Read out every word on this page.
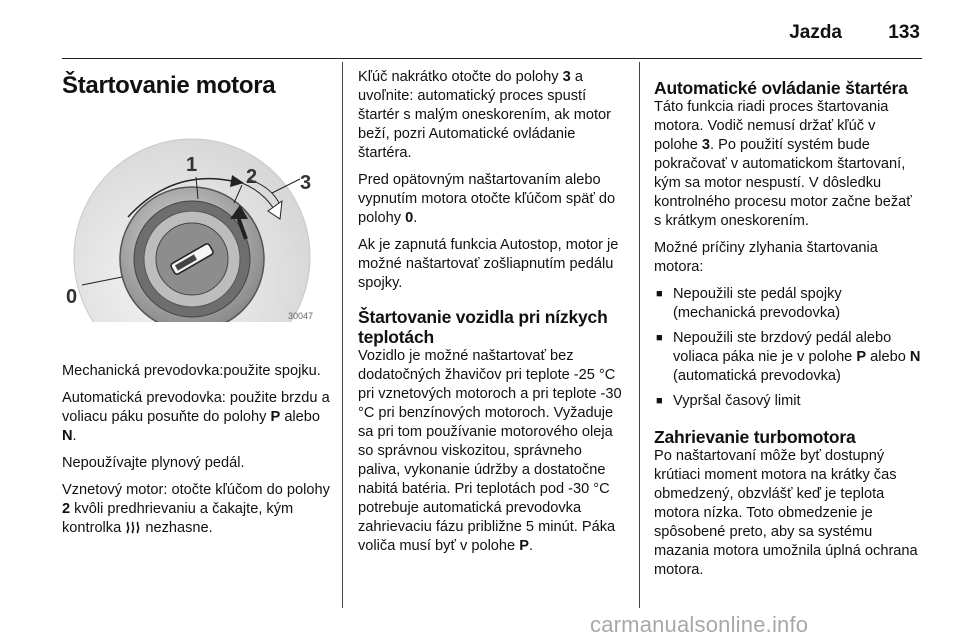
Jazda 133
Štartovanie motora
1
2 3
0
30047

Mechanická prevodovka:použite spojku.

Automatická prevodovka: použite brzdu a voliacu páku posuňte do polohy P alebo N.

Nepoužívajte plynový pedál.

Vznetový motor: otočte kľúčom do polohy 2 kvôli predhrievaniu a čakajte, kým kontrolka  nezhasne.

Kľúč nakrátko otočte do polohy 3 a uvoľnite: automatický proces spustí štartér s malým oneskorením, ak motor beží, pozri Automatické ovládanie štartéra.

Pred opätovným naštartovaním alebo vypnutím motora otočte kľúčom späť do polohy 0.

Ak je zapnutá funkcia Autostop, motor je možné naštartovať zošliapnutím pedálu spojky.

Štartovanie vozidla pri nízkych teplotách

Vozidlo je možné naštartovať bez dodatočných žhavičov pri teplote -25 °C pri vznetových motoroch a pri teplote -30 °C pri benzínových motoroch. Vyžaduje sa pri tom používanie motorového oleja so správnou viskozitou, správneho paliva, vykonanie údržby a dostatočne nabitá batéria. Pri teplotách pod -30 °C potrebuje automatická prevodovka zahrievaciu fázu približne 5 minút. Páka voliča musí byť v polohe P.

Automatické ovládanie štartéra

Táto funkcia riadi proces štartovania motora. Vodič nemusí držať kľúč v polohe 3. Po použití systém bude pokračovať v automatickom štartovaní, kým sa motor nespustí. V dôsledku kontrolného procesu motor začne bežať s krátkym oneskorením.

Možné príčiny zlyhania štartovania motora:

■ Nepoužili ste pedál spojky (mechanická prevodovka)
■ Nepoužili ste brzdový pedál alebo voliaca páka nie je v polohe P alebo N (automatická prevodovka)
■ Vypršal časový limit
Zahrievanie turbomotora

Po naštartovaní môže byť dostupný krútiaci moment motora na krátky čas obmedzený, obzvlášť keď je teplota motora nízka. Toto obmedzenie je spôsobené preto, aby sa systému mazania motora umožnila úplná ochrana motora.

carmanualsonline.info
